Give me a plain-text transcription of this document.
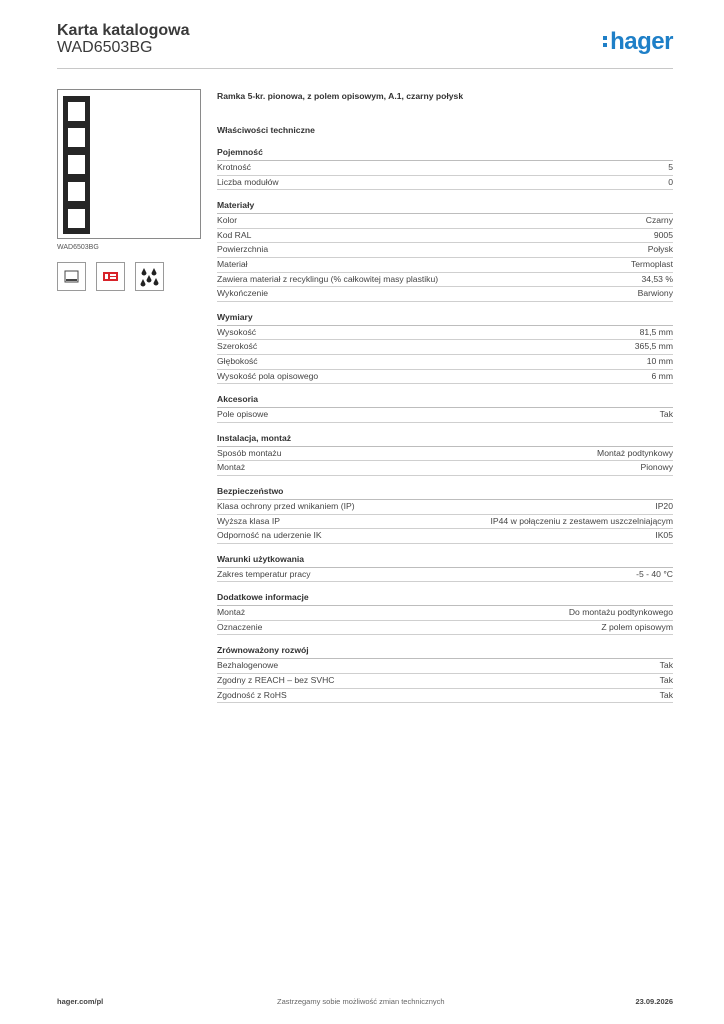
Karta katalogowa
WAD6503BG	hager
WAD6503BG
Ramka 5-kr. pionowa, z polem opisowym, A.1, czarny połysk
Właściwości techniczne
Pojemność
Krotność	5
Liczba modułów	0
Materiały
Kolor	Czarny
Kod RAL	9005
Powierzchnia	Połysk
Materiał	Termoplast
Zawiera materiał z recyklingu (% całkowitej masy plastiku)	34,53 %
Wykończenie	Barwiony
Wymiary
Wysokość	81,5 mm
Szerokość	365,5 mm
Głębokość	10 mm
Wysokość pola opisowego	6 mm
Akcesoria
Pole opisowe	Tak
Instalacja, montaż
Sposób montażu	Montaż podtynkowy
Montaż	Pionowy
Bezpieczeństwo
Klasa ochrony przed wnikaniem (IP)	IP20
Wyższa klasa IP	IP44 w połączeniu z zestawem uszczelniającym
Odporność na uderzenie IK	IK05
Warunki użytkowania
Zakres temperatur pracy	-5 - 40 °C
Dodatkowe informacje
Montaż	Do montażu podtynkowego
Oznaczenie	Z polem opisowym
Zrównoważony rozwój
Bezhalogenowe	Tak
Zgodny z REACH – bez SVHC	Tak
Zgodność z RoHS	Tak
hager.com/pl	Zastrzegamy sobie możliwość zmian technicznych	23.09.2026
